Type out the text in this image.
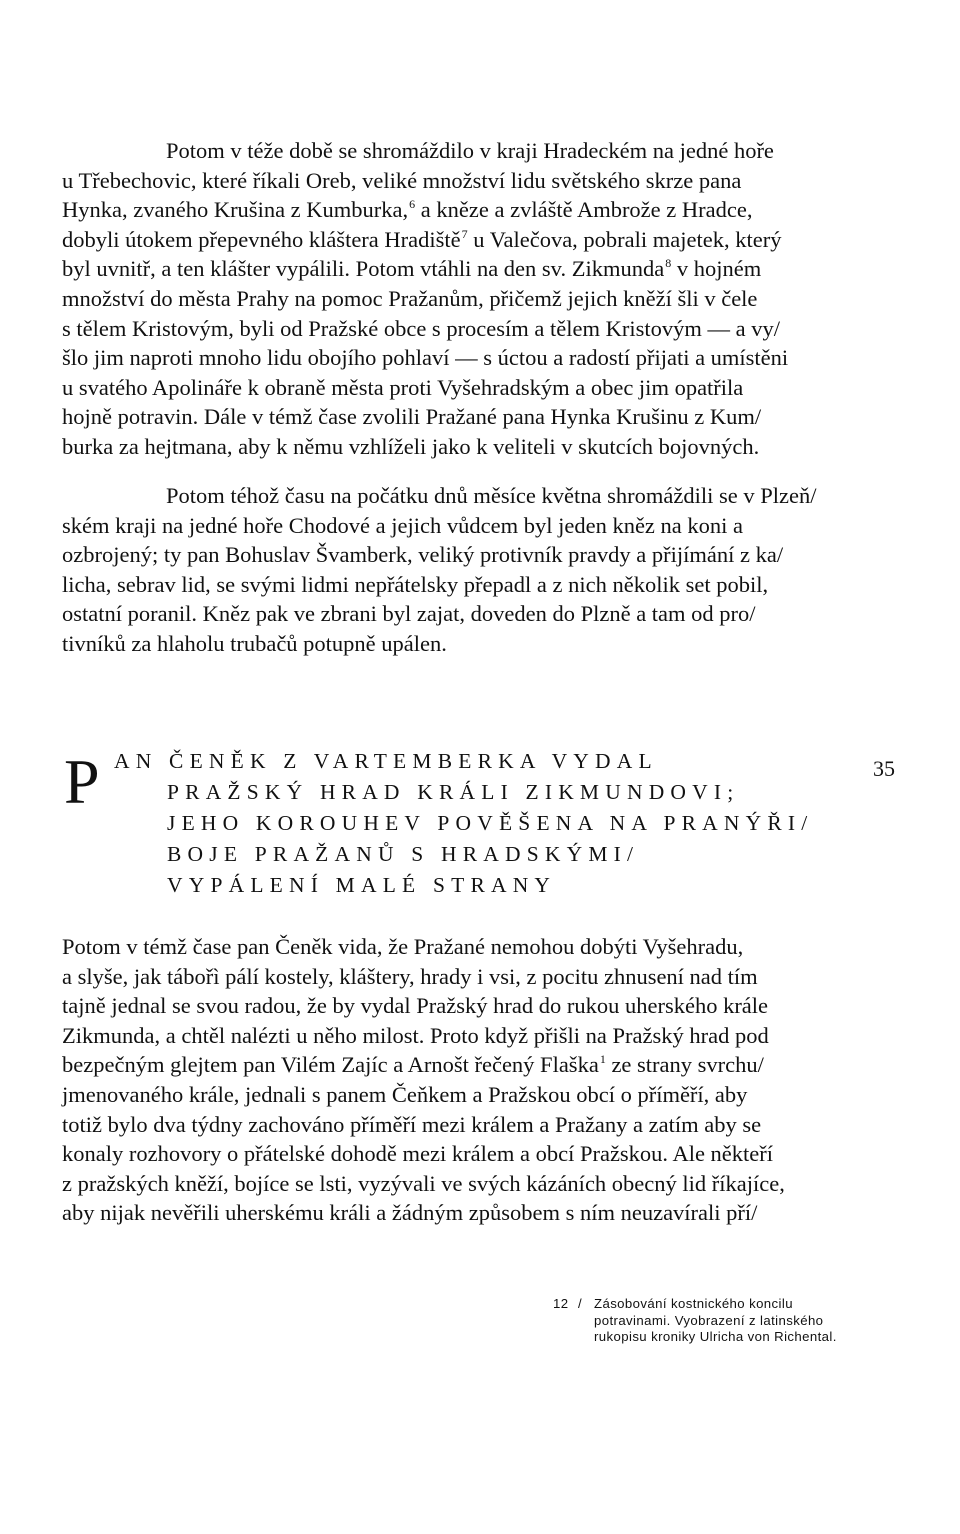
Potom v téže době se shromáždilo v kraji Hradeckém na jedné hoře
u Třebechovic, které říkali Oreb, veliké množství lidu světského skrze pana
Hynka, zvaného Krušina z Kumburka,$^6$ a kněze a zvláště Ambrože z Hradce,
dobyli útokem přepevného kláštera Hradiště$^7$ u Valečova, pobrali majetek, který
byl uvnitř, a ten klášter vypálili. Potom vtáhli na den sv. Zikmunda$^8$ v hojném
množství do města Prahy na pomoc Pražanům, přičemž jejich kněží šli v čele
s tělem Kristovým, byli od Pražské obce s procesím a tělem Kristovým — a vy/
šlo jim naproti mnoho lidu obojího pohlaví — s úctou a radostí přijati a umístěni
u svatého Apolináře k obraně města proti Vyšehradským a obec jim opatřila
hojně potravin. Dále v témž čase zvolili Pražané pana Hynka Krušinu z Kum/
burka za hejtmana, aby k němu vzhlíželi jako k veliteli v skutcích bojovných.
Potom téhož času na počátku dnů měsíce května shromáždili se v Plzeň/
ském kraji na jedné hoře Chodové a jejich vůdcem byl jeden kněz na koni a
ozbrojený; ty pan Bohuslav Švamberk, veliký protivník pravdy a přijímání z ka/
licha, sebrav lid, se svými lidmi nepřátelsky přepadl a z nich několik set pobil,
ostatní poranil. Kněz pak ve zbrani byl zajat, doveden do Plzně a tam od pro/
tivníků za hlaholu trubačů potupně upálen.
P AN ČENĚK Z VARTEMBERKA VYDAL
PRAŽSKÝ HRAD KRÁLI ZIKMUNDOVI;
JEHO KOROUHEV POVĚŠENA NA PRANÝŘI/
BOJE PRAŽANŮ S HRADSKÝMI/
VYPÁLENÍ MALÉ STRANY
35
Potom v témž čase pan Čeněk vida, že Pražané nemohou dobýti Vyšehradu,
a slyše, jak tábořì pálí kostely, kláštery, hrady i vsi, z pocitu zhnusení nad tím
tajně jednal se svou radou, že by vydal Pražský hrad do rukou uherského krále
Zikmunda, a chtěl nalézti u něho milost. Proto když přišli na Pražský hrad pod
bezpečným glejtem pan Vilém Zajíc a Arnošt řečený Flaška$^1$ ze strany svrchu/
jmenovaného krále, jednali s panem Čeňkem a Pražskou obcí o příměří, aby
totiž bylo dva týdny zachováno příměří mezi králem a Pražany a zatím aby se
konaly rozhovory o přátelské dohodě mezi králem a obcí Pražskou. Ale někteří
z pražských kněží, bojíce se lsti, vyzývali ve svých kázáních obecný lid říkajíce,
aby nijak nevěřili uherskému králi a žádným způsobem s ním neuzavírali pří/
12 / Zásobování kostnického koncilu
potravinami. Vyobrazení z latinského
rukopisu kroniky Ulricha von Richental.
